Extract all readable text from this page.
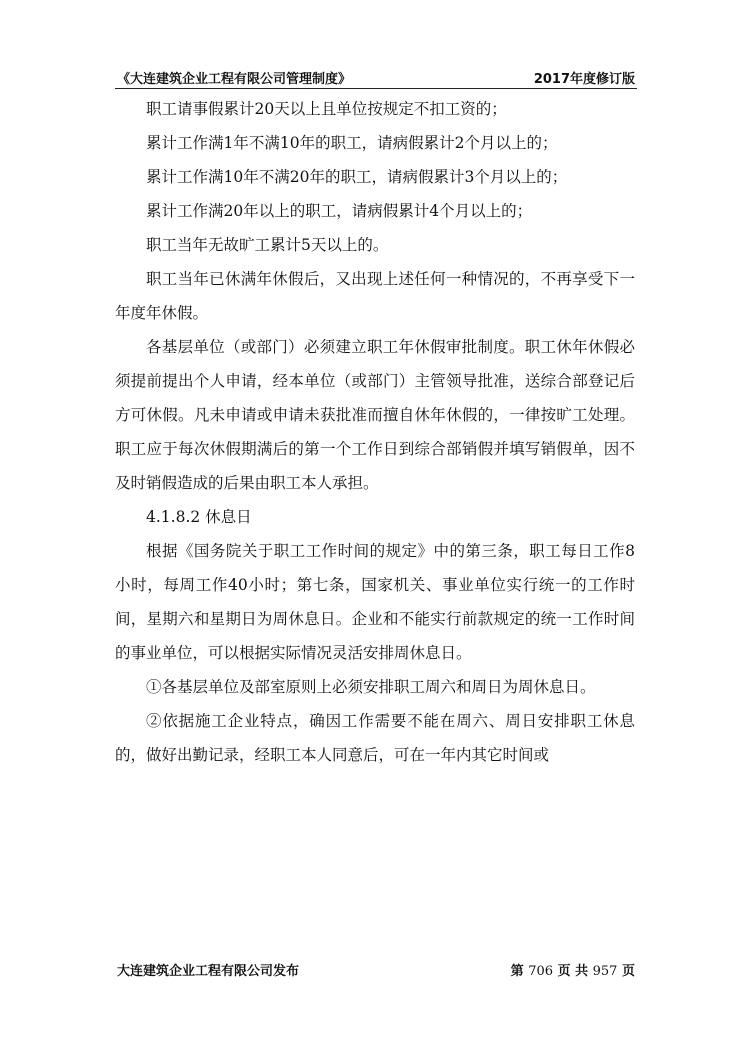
《大连建筑企业工程有限公司管理制度》	2017年度修订版

职工请事假累计20天以上且单位按规定不扣工资的；

累计工作满1年不满10年的职工，请病假累计2个月以上的；

累计工作满10年不满20年的职工，请病假累计3个月以上的；

累计工作满20年以上的职工，请病假累计4个月以上的；

职工当年无故旷工累计5天以上的。

职工当年已休满年休假后，又出现上述任何一种情况的，不再享受下一年度年休假。

各基层单位（或部门）必须建立职工年休假审批制度。职工休年休假必须提前提出个人申请，经本单位（或部门）主管领导批准，送综合部登记后方可休假。凡未申请或申请未获批准而擅自休年休假的，一律按旷工处理。职工应于每次休假期满后的第一个工作日到综合部销假并填写销假单，因不及时销假造成的后果由职工本人承担。

4.1.8.2 休息日

根据《国务院关于职工工作时间的规定》中的第三条，职工每日工作8小时，每周工作40小时；第七条，国家机关、事业单位实行统一的工作时间，星期六和星期日为周休息日。企业和不能实行前款规定的统一工作时间的事业单位，可以根据实际情况灵活安排周休息日。

①各基层单位及部室原则上必须安排职工周六和周日为周休息日。

②依据施工企业特点，确因工作需要不能在周六、周日安排职工休息的，做好出勤记录，经职工本人同意后，可在一年内其它时间或

大连建筑企业工程有限公司发布	第 706 页 共 957 页
